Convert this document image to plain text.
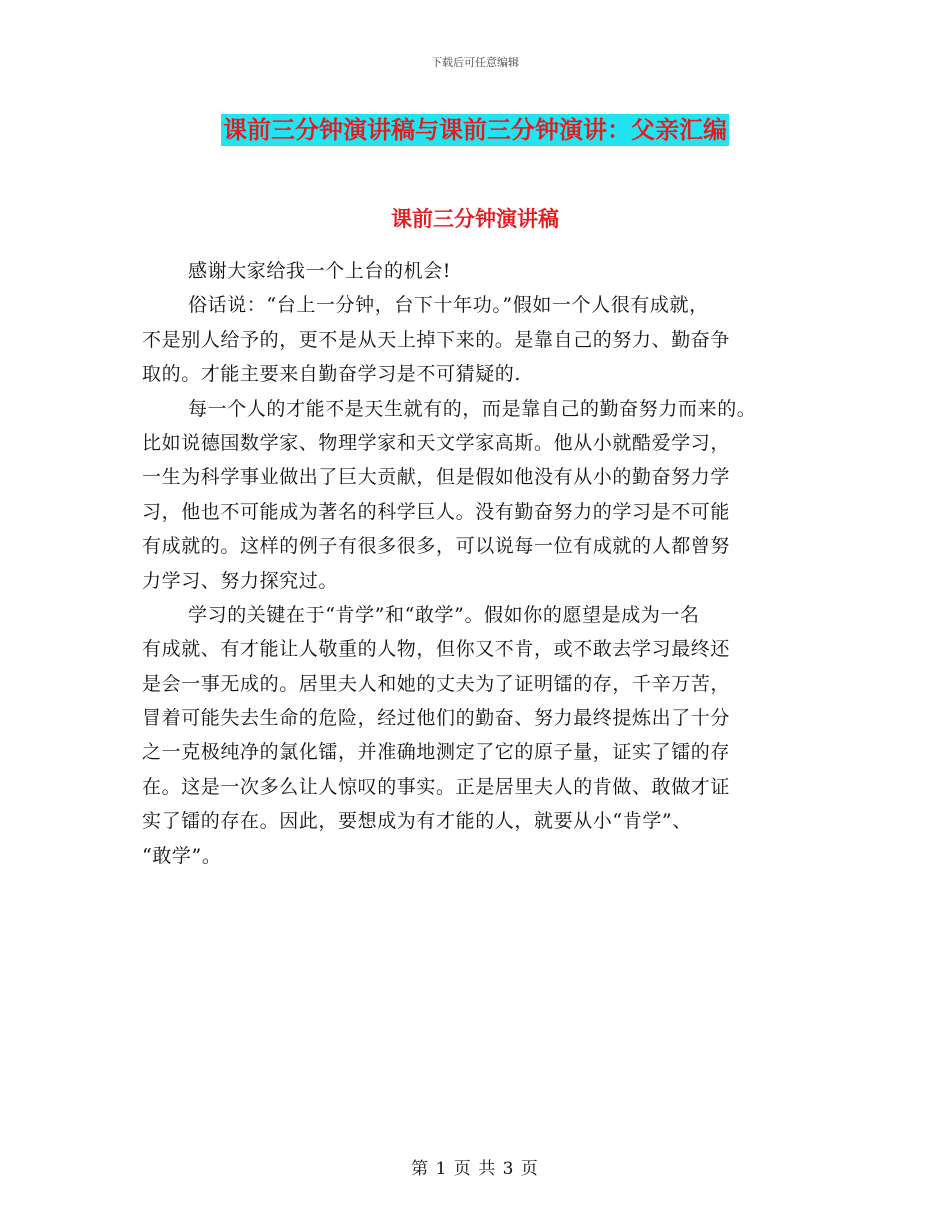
下载后可任意编辑
课前三分钟演讲稿与课前三分钟演讲：父亲汇编
课前三分钟演讲稿
感谢大家给我一个上台的机会!
俗话说：“台上一分钟，台下十年功。”假如一个人很有成就，
不是别人给予的，更不是从天上掉下来的。是靠自己的努力、勤奋争
取的。才能主要来自勤奋学习是不可猜疑的.
每一个人的才能不是天生就有的，而是靠自己的勤奋努力而来的。
比如说德国数学家、物理学家和天文学家高斯。他从小就酷爱学习，
一生为科学事业做出了巨大贡献，但是假如他没有从小的勤奋努力学
习，他也不可能成为著名的科学巨人。没有勤奋努力的学习是不可能
有成就的。这样的例子有很多很多，可以说每一位有成就的人都曾努
力学习、努力探究过。
学习的关键在于“肯学”和“敢学”。假如你的愿望是成为一名
有成就、有才能让人敬重的人物，但你又不肯，或不敢去学习最终还
是会一事无成的。居里夫人和她的丈夫为了证明镭的存，千辛万苦，
冒着可能失去生命的危险，经过他们的勤奋、努力最终提炼出了十分
之一克极纯净的氯化镭，并准确地测定了它的原子量，证实了镭的存
在。这是一次多么让人惊叹的事实。正是居里夫人的肯做、敢做才证
实了镭的存在。因此，要想成为有才能的人，就要从小“肯学”、
“敢学”。
第 1 页 共 3 页
